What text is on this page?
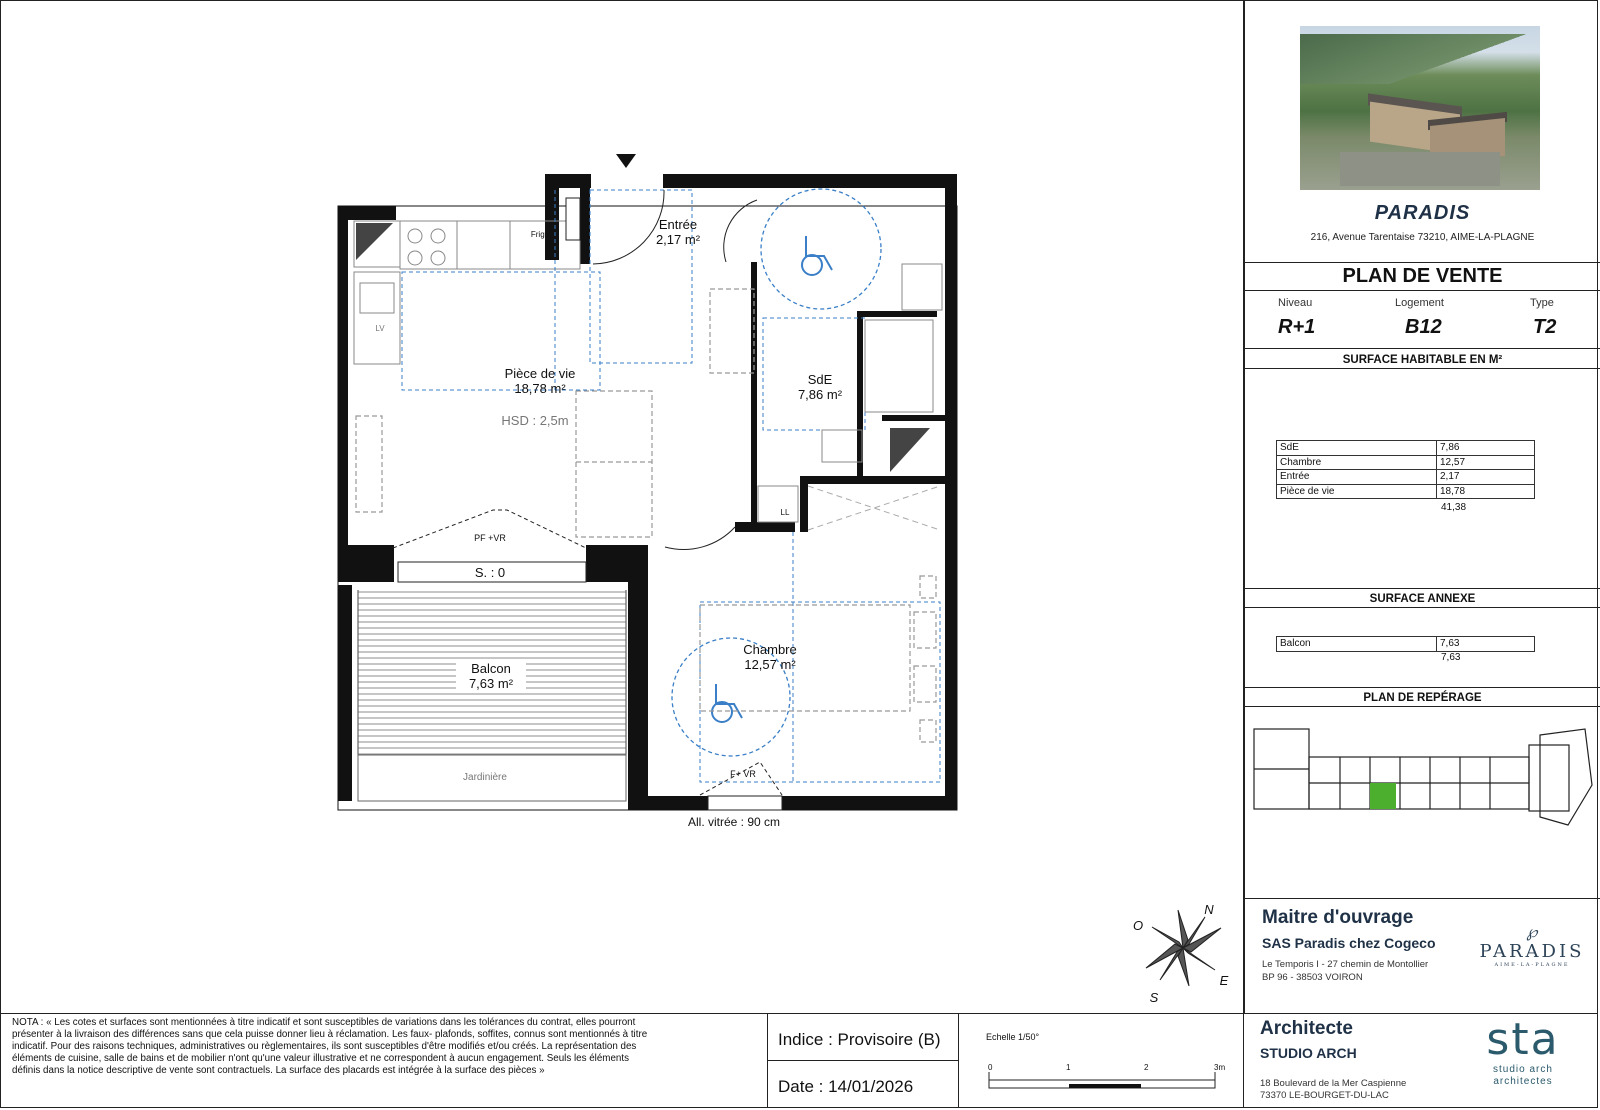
Entrée
2,17 m²
Pièce de vie
18,78 m²
HSD : 2,5m
SdE
7,86 m²
Chambre
12,57 m²
Balcon
7,63 m²
Frigo
LV
LL
PF +VR
S. : 0
F+ VR
Jardinière
All. vitrée : 90 cm
N
E
S
O
PARADIS
216, Avenue Tarentaise 73210, AIME-LA-PLAGNE
PLAN DE VENTE
Niveau	Logement	Type
R+1	B12	T2
SURFACE HABITABLE EN M²
SdE	7,86
Chambre	12,57
Entrée	2,17
Pièce de vie	18,78
41,38
SURFACE ANNEXE
Balcon	7,63
7,63
PLAN DE REPÉRAGE
Maitre d'ouvrage
SAS Paradis chez Cogeco
Le Temporis I - 27 chemin de Montollier
BP 96 - 38503 VOIRON
℘
PARADIS
AIME-LA-PLAGNE
NOTA : « Les cotes et surfaces sont mentionnées à titre indicatif et sont susceptibles de variations dans les tolérances du contrat, elles pourront présenter à la livraison des différences sans que cela puisse donner lieu à réclamation. Les faux- plafonds, soffites, connus sont mentionnés à titre indicatif. Pour des raisons techniques, administratives ou règlementaires, ils sont susceptibles d'être modifiés et/ou créés. La représentation des éléments de cuisine, salle de bains et de mobilier n'ont qu'une valeur illustrative et ne correspondent à aucun engagement. Seuls les éléments définis dans la notice descriptive de vente sont contractuels. La surface des placards est intégrée à la surface des pièces »
Indice : Provisoire (B)
Date : 14/01/2026
Echelle 1/50°
0	1	2	3m
Architecte
STUDIO ARCH
18 Boulevard de la Mer Caspienne
73370 LE-BOURGET-DU-LAC
sta
studio arch
architectes
